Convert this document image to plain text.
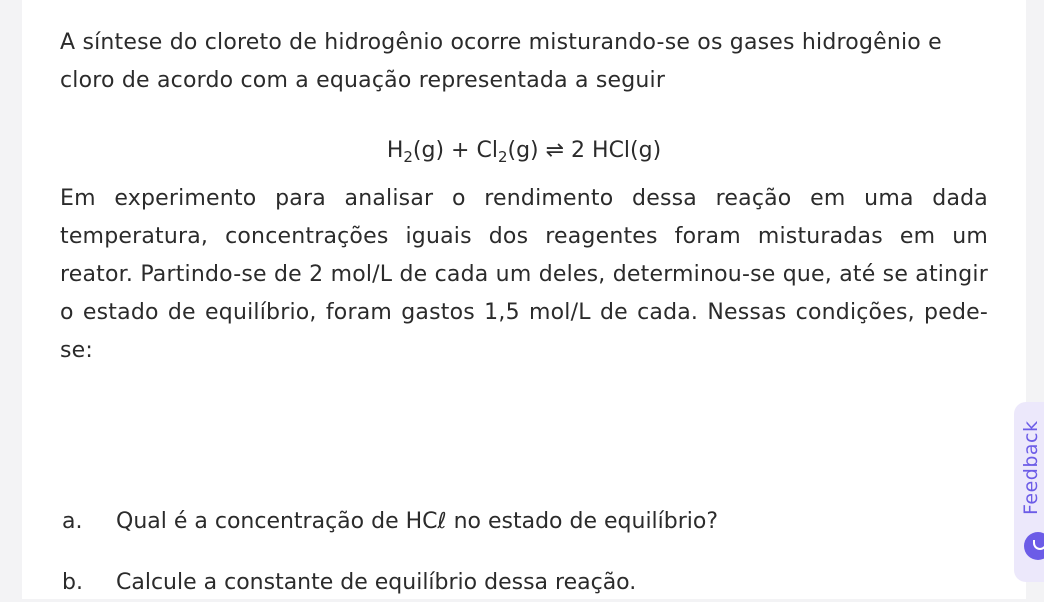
A síntese do cloreto de hidrogênio ocorre misturando-se os gases hidrogênio e cloro de acordo com a equação representada a seguir

$H_2(g) + Cl_2(g)$ ⇌ 2 HCl(g)

Em experimento para analisar o rendimento dessa reação em uma dada temperatura, concentrações iguais dos reagentes foram misturadas em um reator. Partindo-se de 2 mol/L de cada um deles, determinou-se que, até se atingir o estado de equilíbrio, foram gastos 1,5 mol/L de cada. Nessas condições, pede-se:

a. Qual é a concentração de HCℓ no estado de equilíbrio?
b. Calcule a constante de equilíbrio dessa reação.
Feedback
